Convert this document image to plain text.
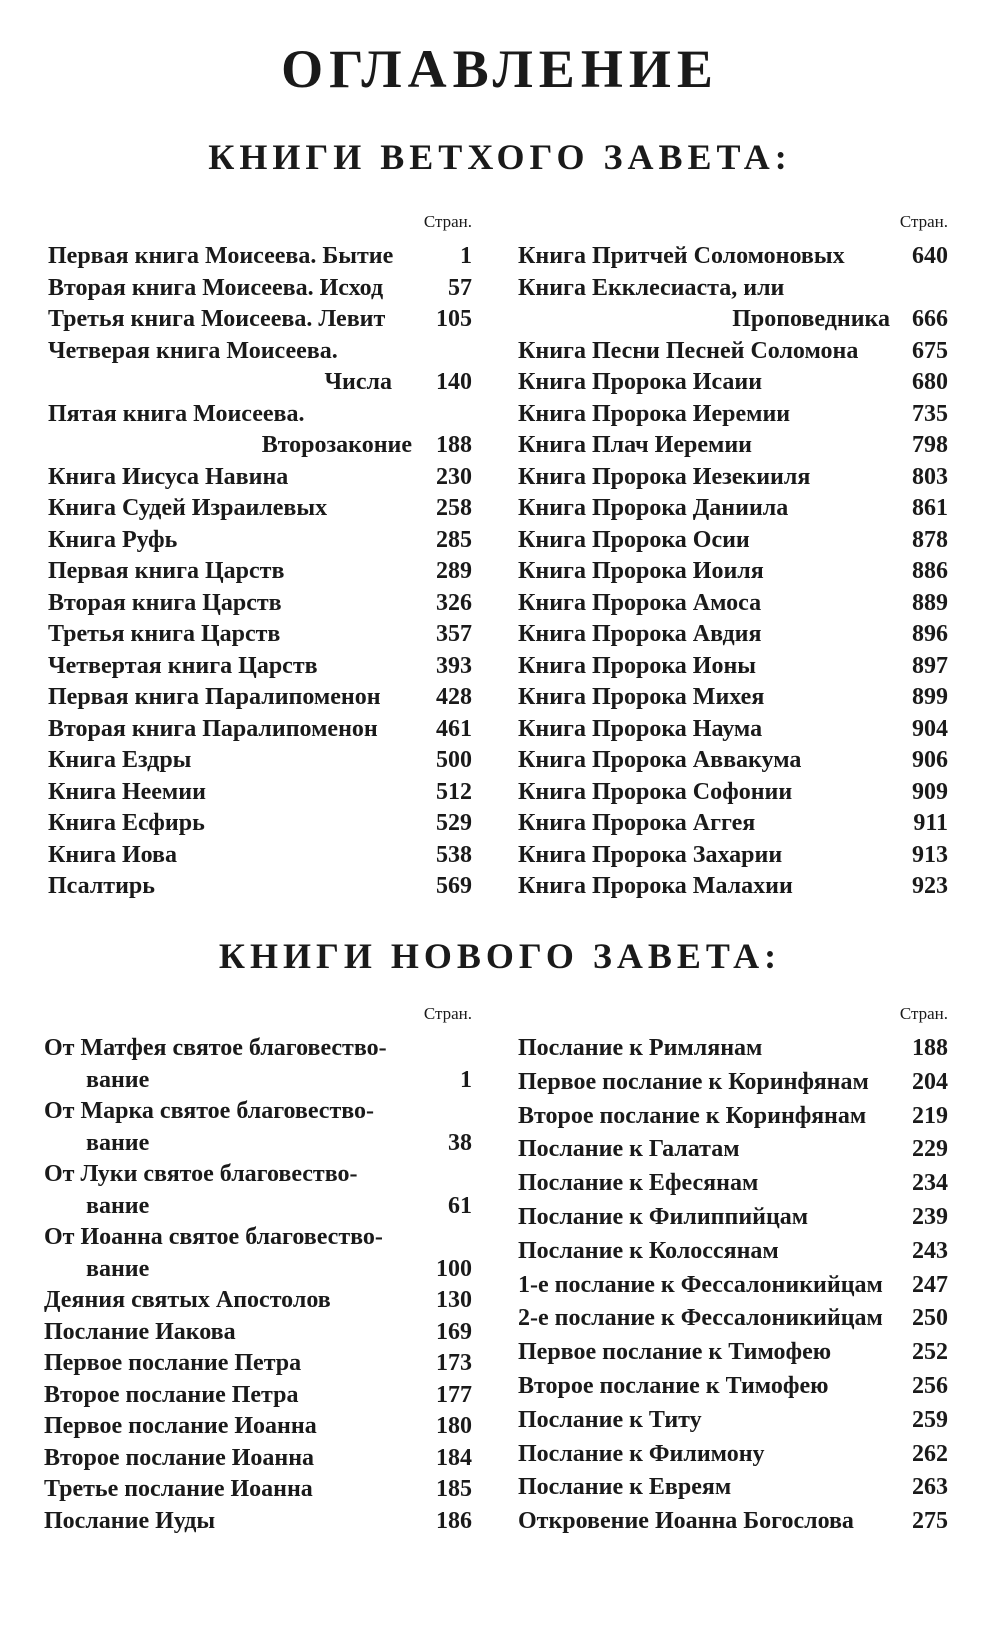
ОГЛАВЛЕНИЕ
КНИГИ ВЕТХОГО ЗАВЕТА:
Стран.	Стран.
Первая книга Моисеева. Бытие	1
Вторая книга Моисеева. Исход	57
Третья книга Моисеева. Левит 105
Четверая книга Моисеева.
Числа 140
Пятая книга Моисеева.
Второзаконие 188
Книга Иисуса Навина	230
Книга Судей Израилевых	258
Книга Руфь	285
Первая книга Царств	289
Вторая книга Царств	326
Третья книга Царств	357
Четвертая книга Царств	393
Первая книга Паралипоменон 428
Вторая книга Паралипоменон 461
Книга Ездры	500
Книга Неемии	512
Книга Есфирь	529
Книга Иова	538
Псалтирь	569
Книга Притчей Соломоновых	640
Книга Екклесиаста, или
Проповедника 666
Книга Песни Песней Соломона 675
Книга Пророка Исаии	680
Книга Пророка Иеремии	735
Книга Плач Иеремии	798
Книга Пророка Иезекииля	803
Книга Пророка Даниила	861
Книга Пророка Осии	878
Книга Пророка Иоиля	886
Книга Пророка Амоса	889
Книга Пророка Авдия	896
Книга Пророка Ионы	897
Книга Пророка Михея	899
Книга Пророка Наума	904
Книга Пророка Аввакума	906
Книга Пророка Софонии	909
Книга Пророка Аггея	911
Книга Пророка Захарии	913
Книга Пророка Малахии	923
КНИГИ НОВОГО ЗАВЕТА:
Стран.	Стран.
От Матфея святое благовество-
вание	1
От Марка святое благовество-
вание	38
От Луки святое благовество-
вание	61
От Иоанна святое благовество-
вание	100
Деяния святых Апостолов	130
Послание Иакова	169
Первое послание Петра	173
Второе послание Петра	177
Первое послание Иоанна	180
Второе послание Иоанна	184
Третье послание Иоанна	185
Послание Иуды	186
Послание к Римлянам	188
Первое послание к Коринфянам 204
Второе послание к Коринфянам 219
Послание к Галатам	229
Послание к Ефесянам	234
Послание к Филиппийцам	239
Послание к Колоссянам	243
1-е послание к Фессалоникийцам 247
2-е послание к Фессалоникийцам 250
Первое послание к Тимофею	252
Второе послание к Тимофею	256
Послание к Титу	259
Послание к Филимону	262
Послание к Евреям	263
Откровение Иоанна Богослова 275
